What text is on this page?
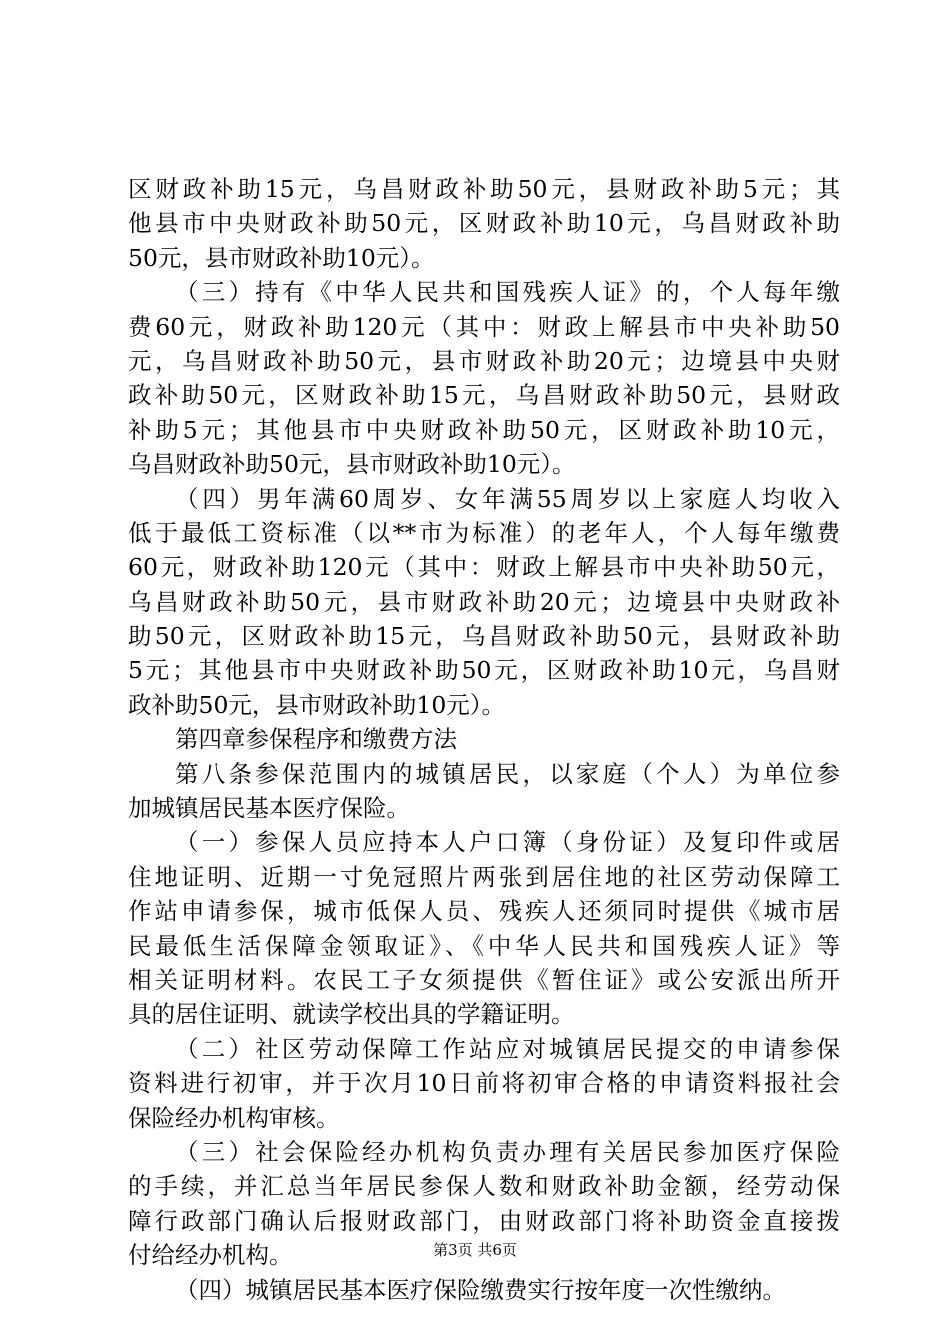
区财政补助15元，乌昌财政补助50元，县财政补助5元；其
他县市中央财政补助50元，区财政补助10元，乌昌财政补助
50元，县市财政补助10元）。
（三）持有《中华人民共和国残疾人证》的，个人每年缴
费60元，财政补助120元（其中：财政上解县市中央补助50
元，乌昌财政补助50元，县市财政补助20元；边境县中央财
政补助50元，区财政补助15元，乌昌财政补助50元，县财政
补助5元；其他县市中央财政补助50元，区财政补助10元，
乌昌财政补助50元，县市财政补助10元）。
（四）男年满60周岁、女年满55周岁以上家庭人均收入
低于最低工资标准（以**市为标准）的老年人，个人每年缴费
60元，财政补助120元（其中：财政上解县市中央补助50元，
乌昌财政补助50元，县市财政补助20元；边境县中央财政补
助50元，区财政补助15元，乌昌财政补助50元，县财政补助
5元；其他县市中央财政补助50元，区财政补助10元，乌昌财
政补助50元，县市财政补助10元）。
第四章参保程序和缴费方法
第八条参保范围内的城镇居民，以家庭（个人）为单位参
加城镇居民基本医疗保险。
（一）参保人员应持本人户口簿（身份证）及复印件或居
住地证明、近期一寸免冠照片两张到居住地的社区劳动保障工
作站申请参保，城市低保人员、残疾人还须同时提供《城市居
民最低生活保障金领取证》、《中华人民共和国残疾人证》等
相关证明材料。农民工子女须提供《暂住证》或公安派出所开
具的居住证明、就读学校出具的学籍证明。
（二）社区劳动保障工作站应对城镇居民提交的申请参保
资料进行初审，并于次月10日前将初审合格的申请资料报社会
保险经办机构审核。
（三）社会保险经办机构负责办理有关居民参加医疗保险
的手续，并汇总当年居民参保人数和财政补助金额，经劳动保
障行政部门确认后报财政部门，由财政部门将补助资金直接拨
付给经办机构。
（四）城镇居民基本医疗保险缴费实行按年度一次性缴纳。
第3页 共6页
